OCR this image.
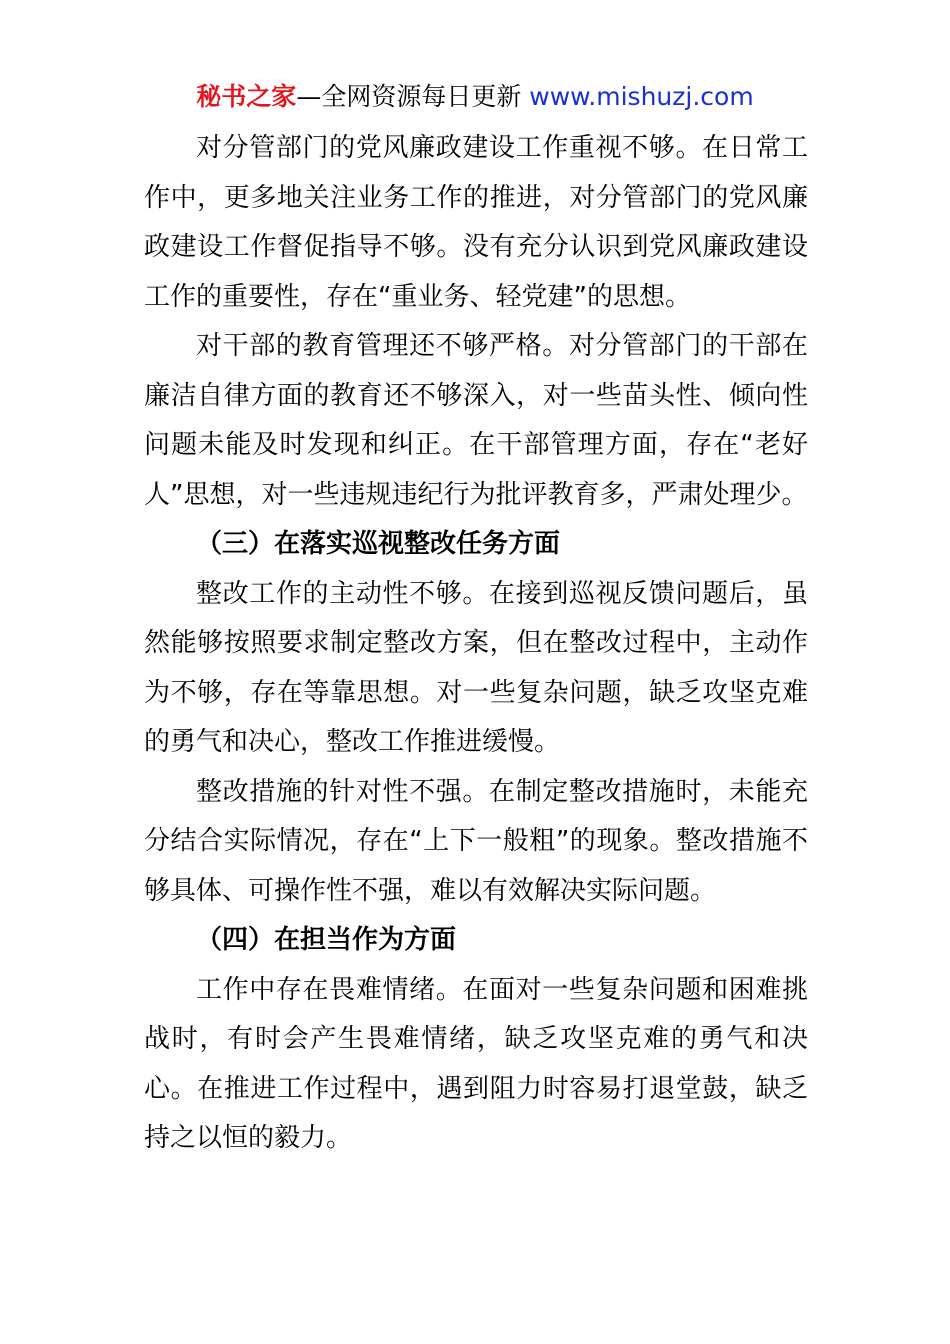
秘书之家—全网资源每日更新 www.mishuzj.com

对分管部门的党风廉政建设工作重视不够。在日常工作中，更多地关注业务工作的推进，对分管部门的党风廉政建设工作督促指导不够。没有充分认识到党风廉政建设工作的重要性，存在“重业务、轻党建”的思想。

对干部的教育管理还不够严格。对分管部门的干部在廉洁自律方面的教育还不够深入，对一些苗头性、倾向性问题未能及时发现和纠正。在干部管理方面，存在“老好人”思想，对一些违规违纪行为批评教育多，严肃处理少。

（三）在落实巡视整改任务方面

整改工作的主动性不够。在接到巡视反馈问题后，虽然能够按照要求制定整改方案，但在整改过程中，主动作为不够，存在等靠思想。对一些复杂问题，缺乏攻坚克难的勇气和决心，整改工作推进缓慢。

整改措施的针对性不强。在制定整改措施时，未能充分结合实际情况，存在“上下一般粗”的现象。整改措施不够具体、可操作性不强，难以有效解决实际问题。

（四）在担当作为方面

工作中存在畏难情绪。在面对一些复杂问题和困难挑战时，有时会产生畏难情绪，缺乏攻坚克难的勇气和决心。在推进工作过程中，遇到阻力时容易打退堂鼓，缺乏持之以恒的毅力。
